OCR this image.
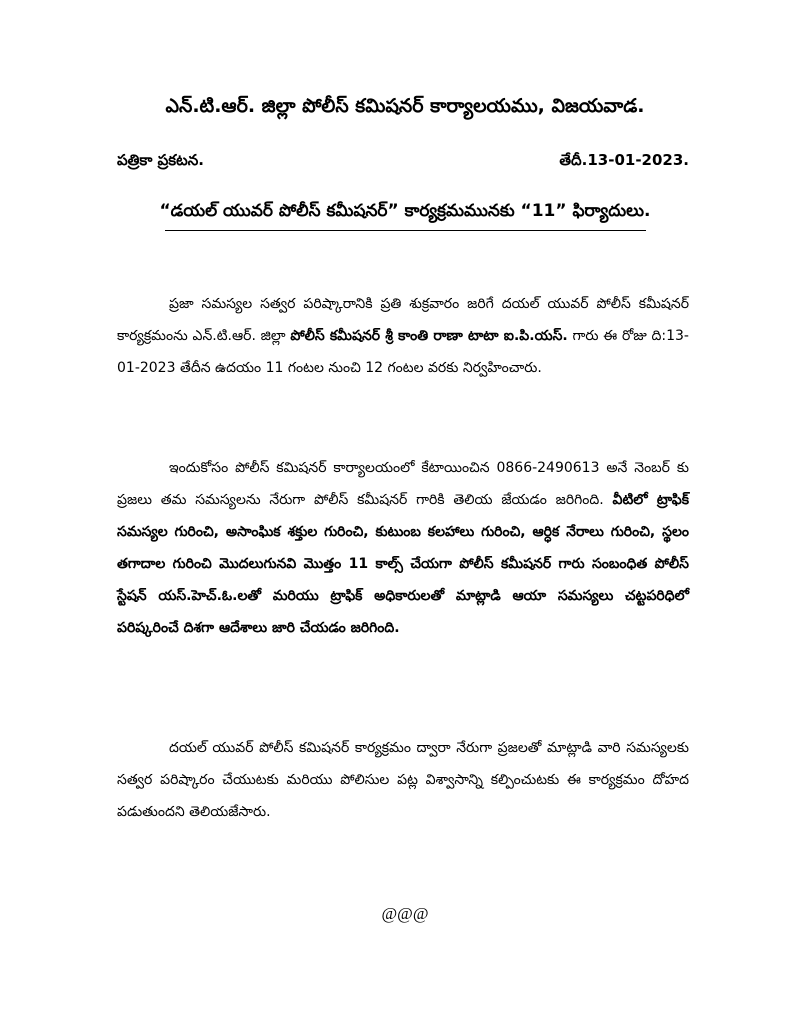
ఎన్.టి.ఆర్. జిల్లా పోలీస్ కమిషనర్ కార్యాలయము, విజయవాడ.
పత్రికా ప్రకటన.	తేదీ.13-01-2023.
“డయల్ యువర్ పోలీస్ కమీషనర్” కార్యక్రమమునకు “11” ఫిర్యాదులు.

ప్రజా సమస్యల సత్వర పరిష్కారానికి ప్రతి శుక్రవారం జరిగే దయల్ యువర్ పోలీస్ కమీషనర్ కార్యక్రమంను ఎన్.టి.ఆర్. జిల్లా పోలీస్ కమీషనర్ శ్రీ కాంతి రాణా టాటా ఐ.పి.యస్. గారు ఈ రోజు ది:13-01-2023 తేదీన ఉదయం 11 గంటల నుంచి 12 గంటల వరకు నిర్వహించారు.

ఇందుకోసం పోలీస్ కమిషనర్ కార్యాలయంలో కేటాయించిన 0866-2490613 అనే నెంబర్ కు ప్రజలు తమ సమస్యలను నేరుగా పోలీస్ కమీషనర్ గారికి తెలియ జేయడం జరిగింది. వీటిలో ట్రాఫిక్ సమస్యల గురించి, అసాంఘిక శక్తుల గురించి, కుటుంబ కలహాలు గురించి, ఆర్ధిక నేరాలు గురించి, స్థలం తగాదాల గురించి మొదలుగునవి మొత్తం 11 కాల్స్ చేయగా పోలీస్ కమీషనర్ గారు సంబంధిత పోలీస్ స్టేషన్ యస్.హెచ్.ఓ.లతో మరియు ట్రాఫిక్ అధికారులతో మాట్లాడి ఆయా సమస్యలు చట్టపరిధిలో పరిష్కరించే దిశగా ఆదేశాలు జారి చేయడం జరిగింది.

దయల్ యువర్ పోలీస్ కమిషనర్ కార్యక్రమం ద్వారా నేరుగా ప్రజలతో మాట్లాడి వారి సమస్యలకు సత్వర పరిష్కారం చేయుటకు మరియు పోలిసుల పట్ల విశ్వాసాన్ని కల్పించుటకు ఈ కార్యక్రమం దోహద పడుతుందని తెలియజేసారు.

@@@
